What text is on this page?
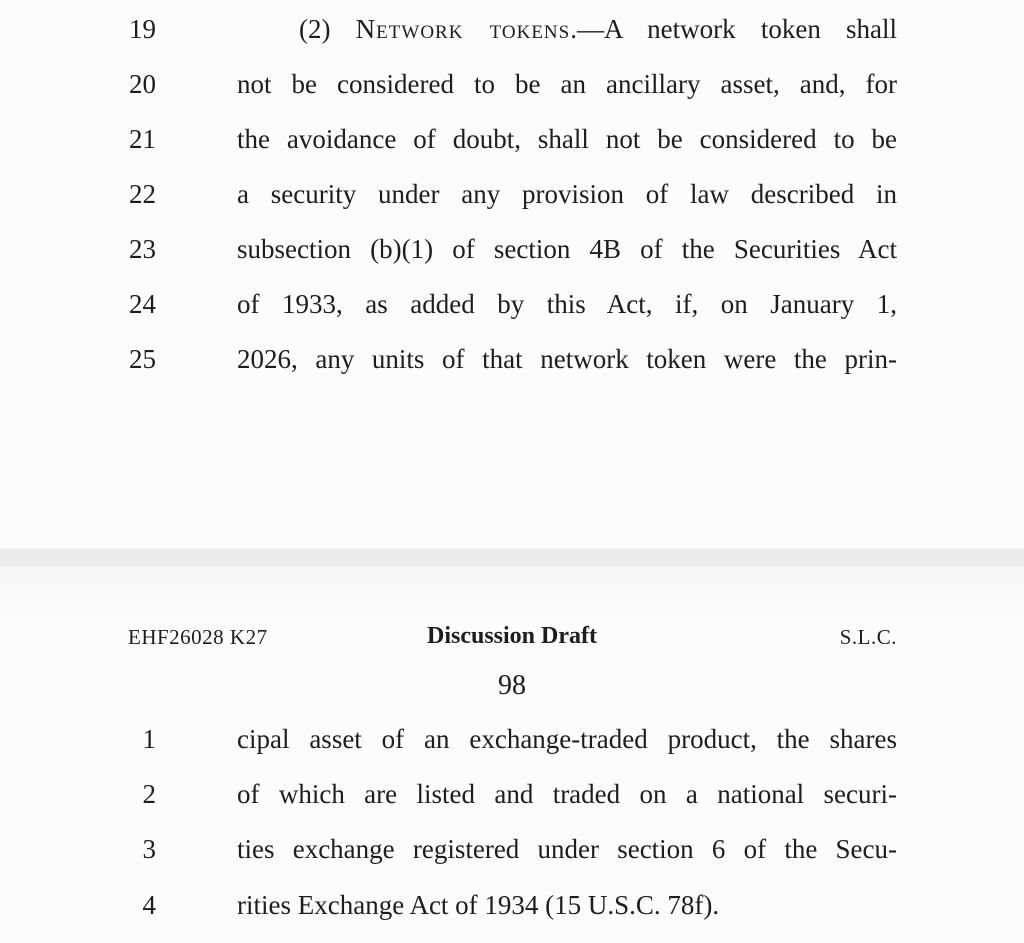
19	(2) Network tokens.—A network token shall

20	not be considered to be an ancillary asset, and, for

21	the avoidance of doubt, shall not be considered to be

22	a security under any provision of law described in

23	subsection (b)(1) of section 4B of the Securities Act

24	of 1933, as added by this Act, if, on January 1,

25	2026, any units of that network token were the prin-

EHF26028 K27	Discussion Draft	S.L.C.
98
1	cipal asset of an exchange-traded product, the shares

2	of which are listed and traded on a national securi-

3	ties exchange registered under section 6 of the Secu-

4	rities Exchange Act of 1934 (15 U.S.C. 78f).
